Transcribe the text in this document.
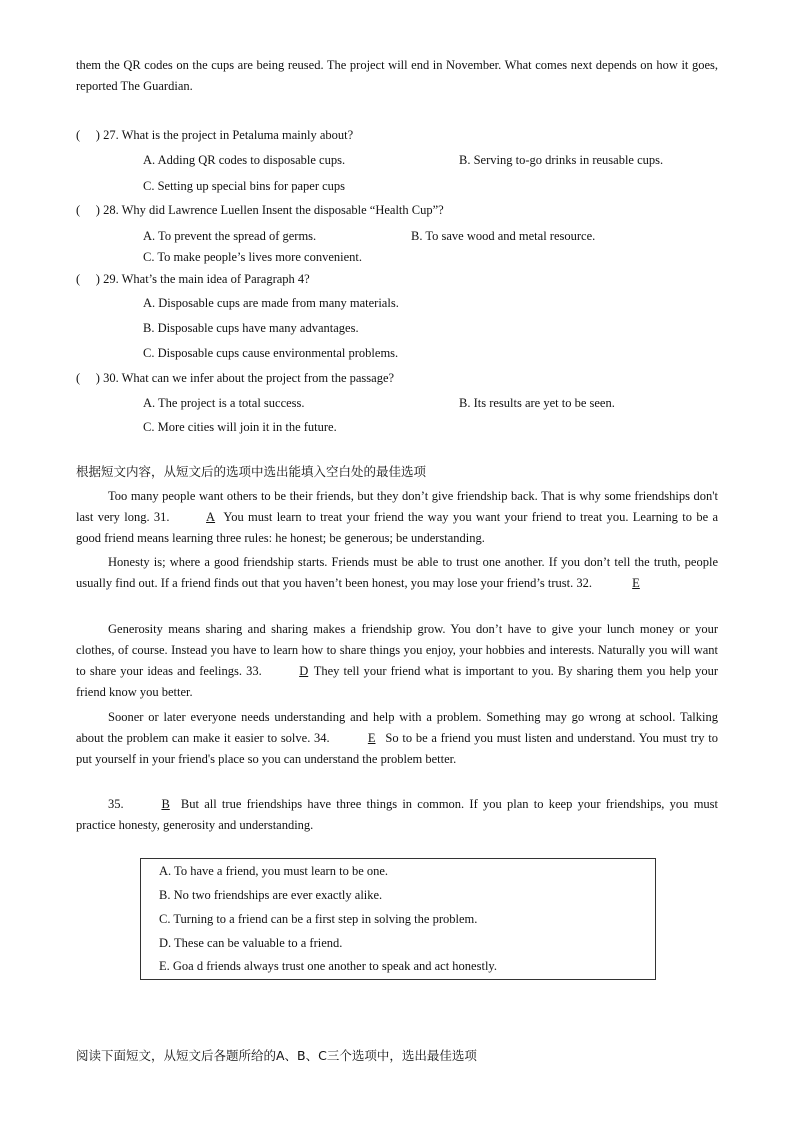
them the QR codes on the cups are being reused. The project will end in November. What comes next depends on how it goes, reported The Guardian.
(     ) 27. What is the project in Petaluma mainly about?
A. Adding QR codes to disposable cups.	B. Serving to-go drinks in reusable cups.
C. Setting up special bins for paper cups
(     ) 28. Why did Lawrence Luellen Insent the disposable “Health Cup”?
A. To prevent the spread of germs.	B. To save wood and metal resource.
C. To make people’s lives more convenient.
(     ) 29. What’s the main idea of Paragraph 4?
A. Disposable cups are made from many materials.
B. Disposable cups have many advantages.
C. Disposable cups cause environmental problems.
(     ) 30. What can we infer about the project from the passage?
A. The project is a total success.	B. Its results are yet to be seen.
C. More cities will join it in the future.
根据短文内容，从短文后的选项中选出能填入空白处的最佳选项
Too many people want others to be their friends, but they don’t give friendship back. That is why some friendships don't last very long. 31.	A You must learn to treat your friend the way you want your friend to treat you. Learning to be a good friend means learning three rules: he honest; be generous; be understanding.
Honesty is; where a good friendship starts. Friends must be able to trust one another. If you don’t tell the truth, people usually find out. If a friend finds out that you haven’t been honest, you may lose your friend’s trust. 32.	E
Generosity means sharing and sharing makes a friendship grow. You don’t have to give your lunch money or your clothes, of course. Instead you have to learn how to share things you enjoy, your hobbies and interests. Naturally you will want to share your ideas and feelings. 33.	D They tell your friend what is important to you. By sharing them you help your friend know you better.
Sooner or later everyone needs understanding and help with a problem. Something may go wrong at school. Talking about the problem can make it easier to solve. 34.	E So to be a friend you must listen and understand. You must try to put yourself in your friend's place so you can understand the problem better.
35.	B But all true friendships have three things in common. If you plan to keep your friendships, you must practice honesty, generosity and understanding.
A. To have a friend, you must learn to be one.
B. No two friendships are ever exactly alike.
C. Turning to a friend can be a first step in solving the problem.
D. These can be valuable to a friend.
E. Goa d friends always trust one another to speak and act honestly.
阅读下面短文，从短文后各题所给的A、B、C三个选项中，选出最佳选项
